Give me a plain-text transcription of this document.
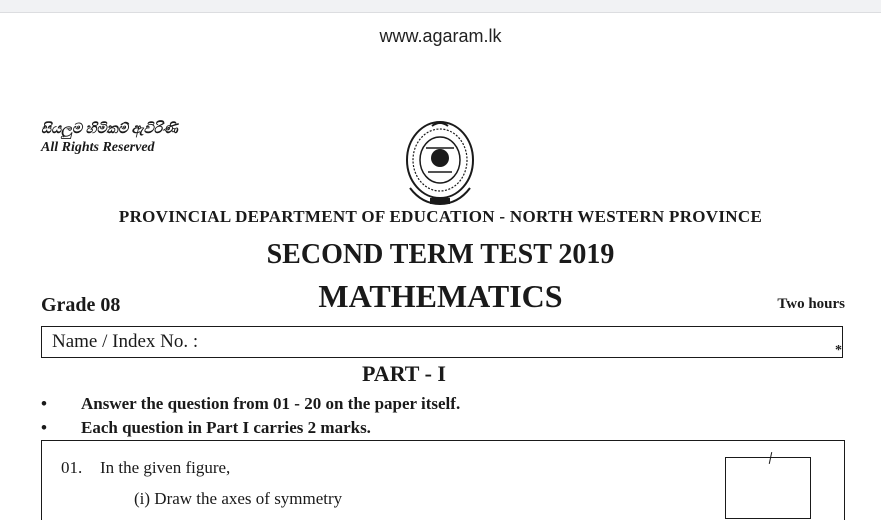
www.agaram.lk
සියලුම හිමිකම් ඇවිරිණි
All Rights Reserved
PROVINCIAL DEPARTMENT OF EDUCATION - NORTH WESTERN PROVINCE
SECOND TERM TEST 2019
MATHEMATICS
Grade 08	Two hours
Name / Index No. :	*
PART - I
• Answer the question from 01 - 20 on the paper itself.
• Each question in Part I carries 2 marks.
01. In the given figure,
(i) Draw the axes of symmetry
